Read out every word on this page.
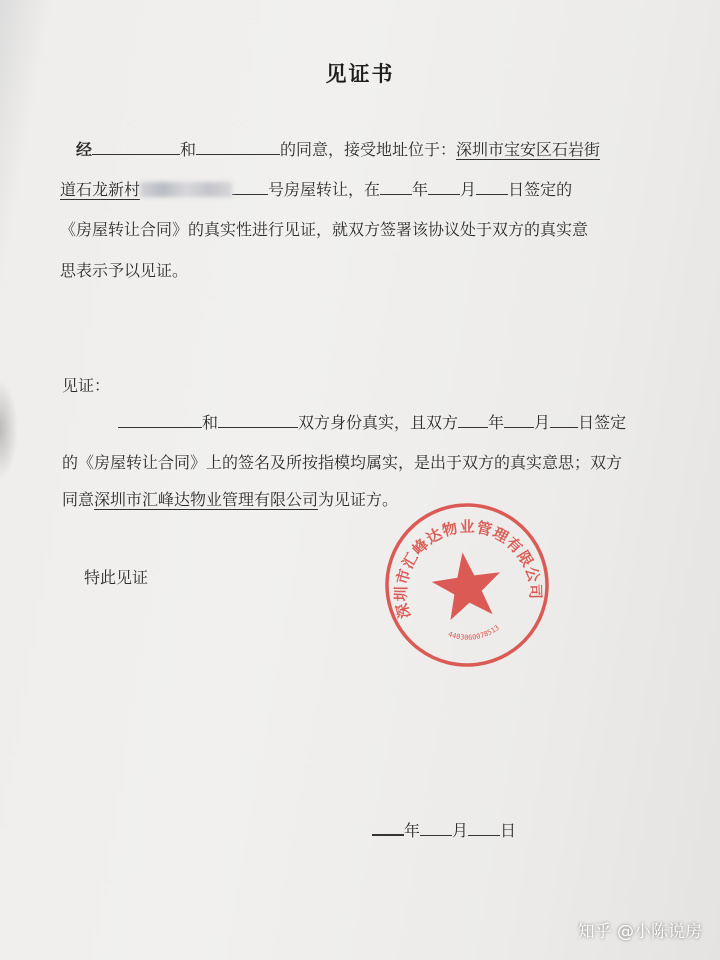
见证书
经	和	的同意，接受地址位于：深圳市宝安区石岩街
道石龙新村	号房屋转让，在 年 月 日签定的
《房屋转让合同》的真实性进行见证，就双方签署该协议处于双方的真实意
思表示予以见证。
见证：
和	双方身份真实，且双方 年 月 日签定
的《房屋转让合同》上的签名及所按指模均属实，是出于双方的真实意思；双方
同意深圳市汇峰达物业管理有限公司为见证方。
特此见证
深圳市汇峰达物业管理有限公司
4403060078513
年 月 日
知乎 @小陈说房
